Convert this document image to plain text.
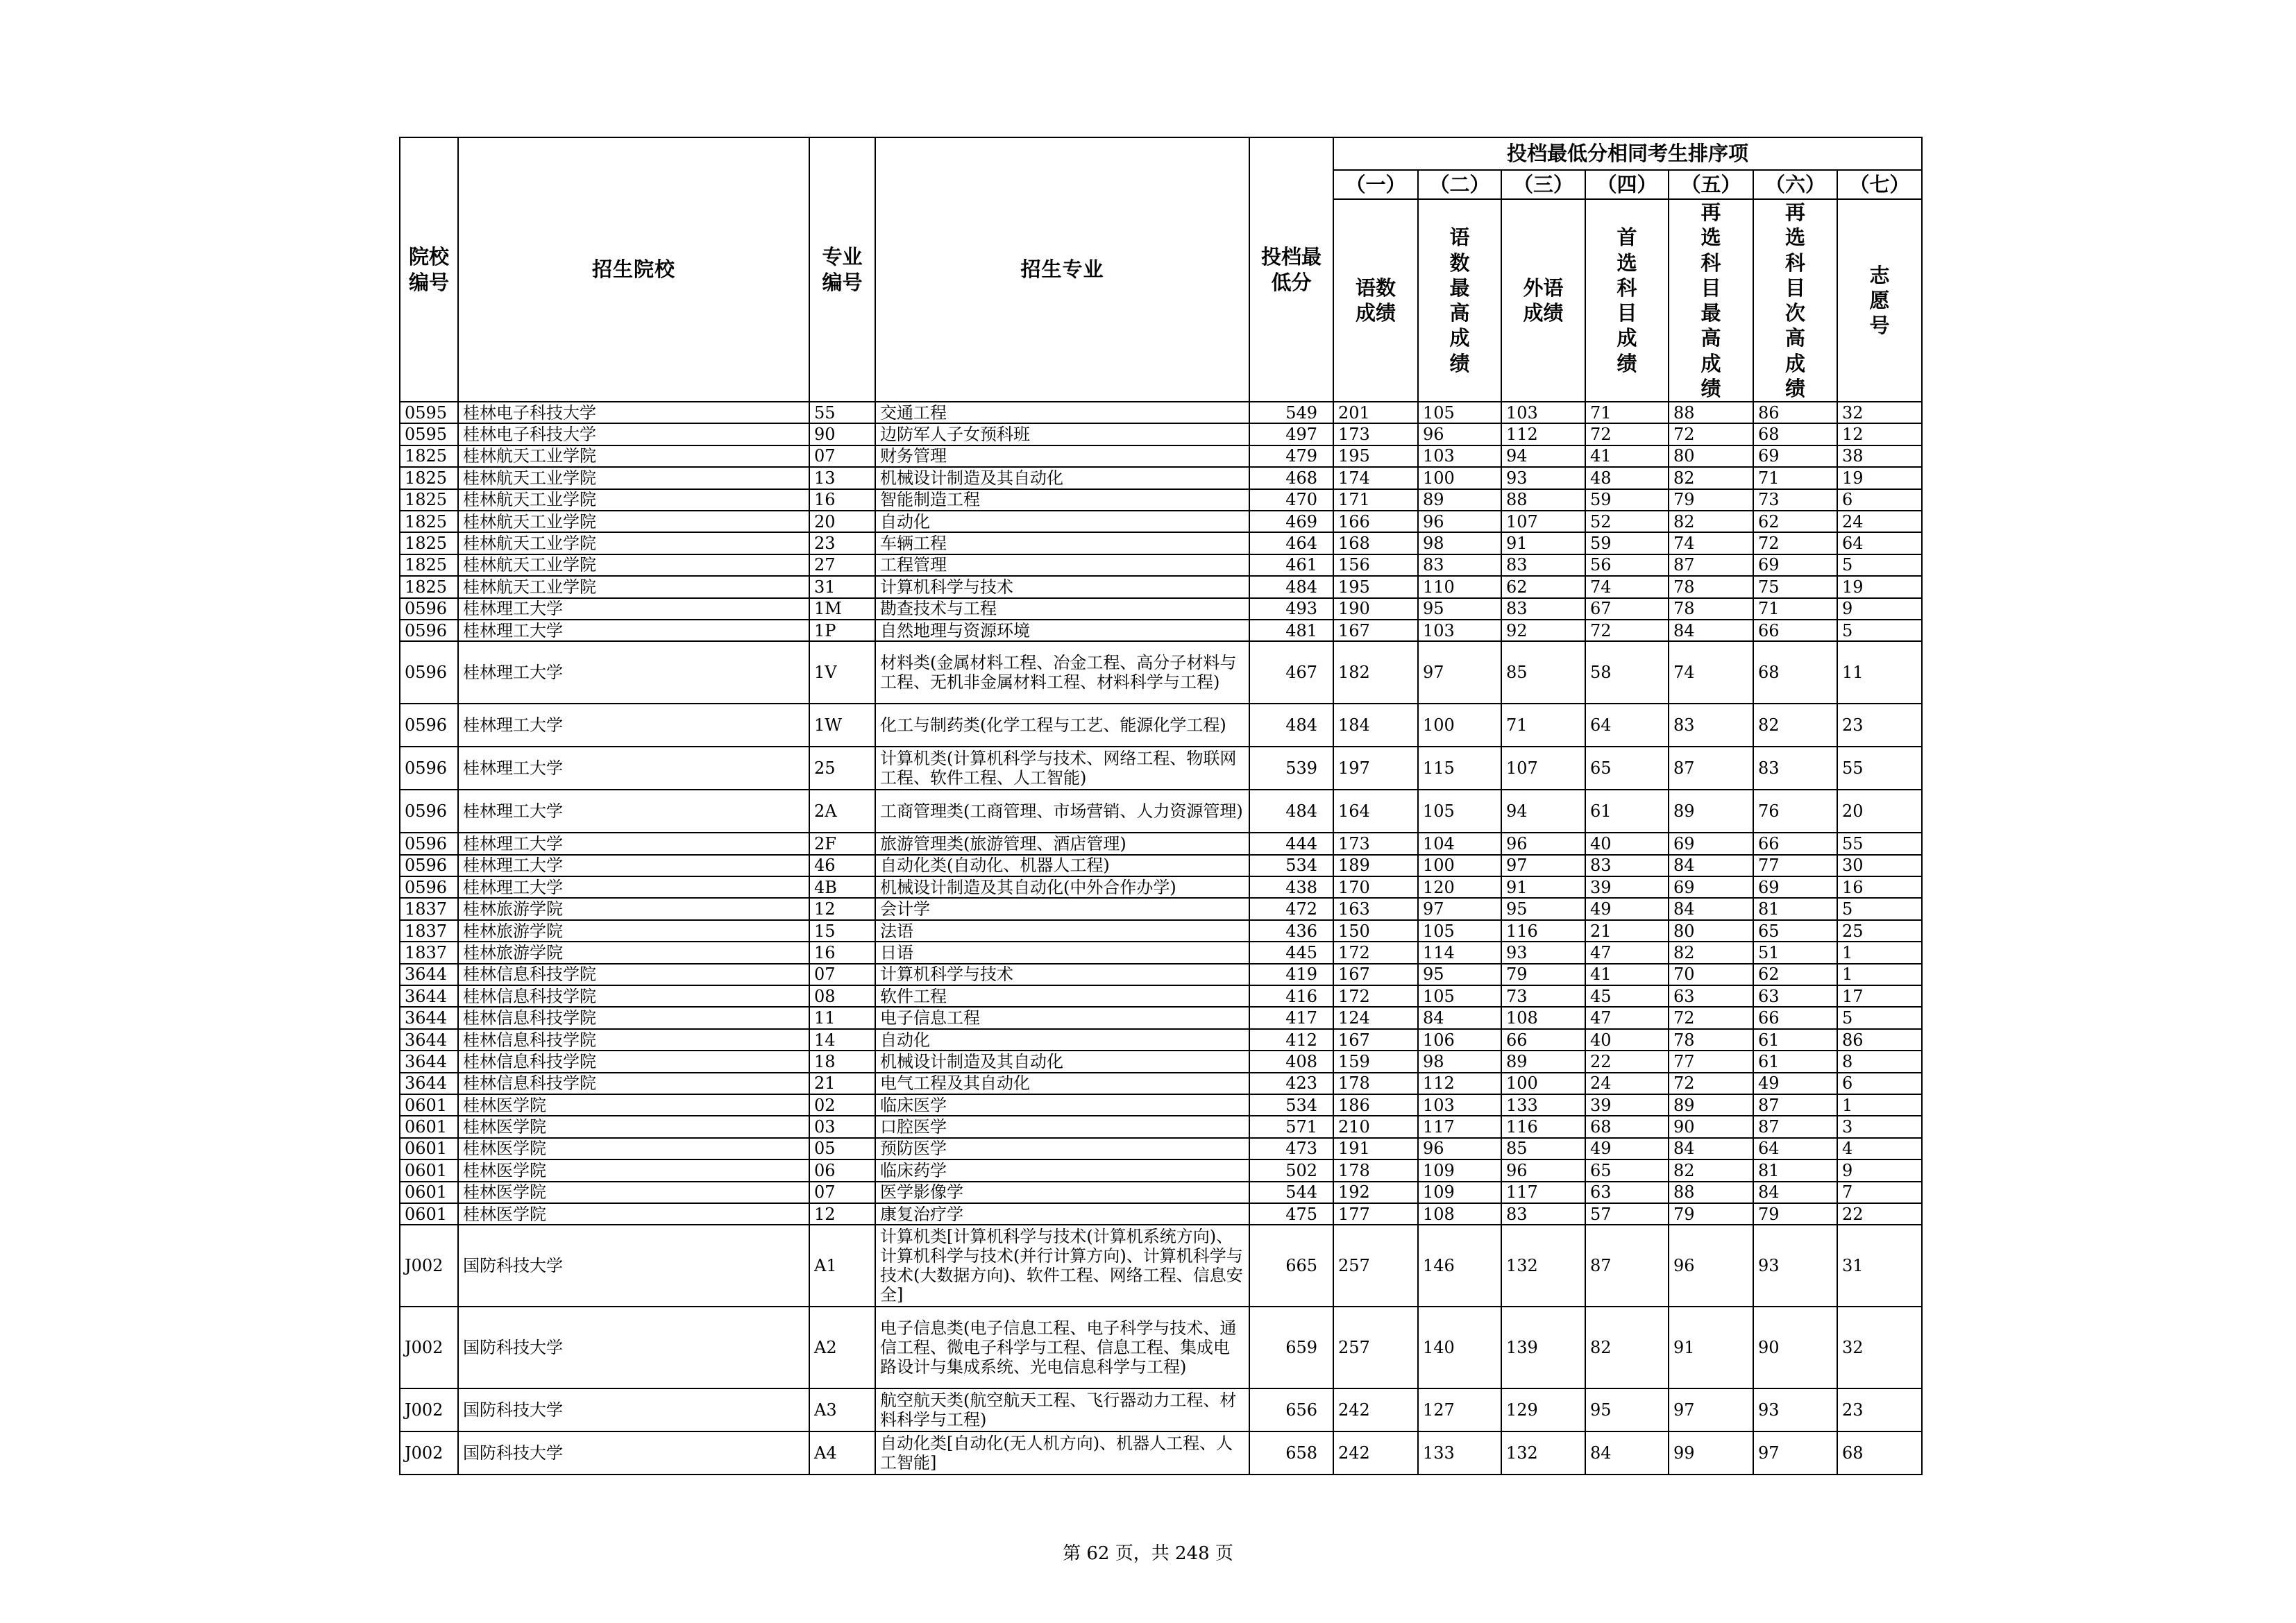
院校编号	招生院校	专业编号	招生专业	投档最低分	投档最低分相同考生排序项						
					（一）	（二）	（三）	（四）	（五）	（六）	（七）
					语数成绩	语数最高成绩	外语成绩	首选科目成绩	再选科目最高成绩	再选科目次高成绩	志愿号
0595	桂林电子科技大学	55	交通工程	549	201	105	103	71	88	86	32
0595	桂林电子科技大学	90	边防军人子女预科班	497	173	96	112	72	72	68	12
1825	桂林航天工业学院	07	财务管理	479	195	103	94	41	80	69	38
1825	桂林航天工业学院	13	机械设计制造及其自动化	468	174	100	93	48	82	71	19
1825	桂林航天工业学院	16	智能制造工程	470	171	89	88	59	79	73	6
1825	桂林航天工业学院	20	自动化	469	166	96	107	52	82	62	24
1825	桂林航天工业学院	23	车辆工程	464	168	98	91	59	74	72	64
1825	桂林航天工业学院	27	工程管理	461	156	83	83	56	87	69	5
1825	桂林航天工业学院	31	计算机科学与技术	484	195	110	62	74	78	75	19
0596	桂林理工大学	1M	勘查技术与工程	493	190	95	83	67	78	71	9
0596	桂林理工大学	1P	自然地理与资源环境	481	167	103	92	72	84	66	5
0596	桂林理工大学	1V	材料类(金属材料工程、冶金工程、高分子材料与工程、无机非金属材料工程、材料科学与工程)	467	182	97	85	58	74	68	11
0596	桂林理工大学	1W	化工与制药类(化学工程与工艺、能源化学工程)	484	184	100	71	64	83	82	23
0596	桂林理工大学	25	计算机类(计算机科学与技术、网络工程、物联网工程、软件工程、人工智能)	539	197	115	107	65	87	83	55
0596	桂林理工大学	2A	工商管理类(工商管理、市场营销、人力资源管理)	484	164	105	94	61	89	76	20
0596	桂林理工大学	2F	旅游管理类(旅游管理、酒店管理)	444	173	104	96	40	69	66	55
0596	桂林理工大学	46	自动化类(自动化、机器人工程)	534	189	100	97	83	84	77	30
0596	桂林理工大学	4B	机械设计制造及其自动化(中外合作办学)	438	170	120	91	39	69	69	16
1837	桂林旅游学院	12	会计学	472	163	97	95	49	84	81	5
1837	桂林旅游学院	15	法语	436	150	105	116	21	80	65	25
1837	桂林旅游学院	16	日语	445	172	114	93	47	82	51	1
3644	桂林信息科技学院	07	计算机科学与技术	419	167	95	79	41	70	62	1
3644	桂林信息科技学院	08	软件工程	416	172	105	73	45	63	63	17
3644	桂林信息科技学院	11	电子信息工程	417	124	84	108	47	72	66	5
3644	桂林信息科技学院	14	自动化	412	167	106	66	40	78	61	86
3644	桂林信息科技学院	18	机械设计制造及其自动化	408	159	98	89	22	77	61	8
3644	桂林信息科技学院	21	电气工程及其自动化	423	178	112	100	24	72	49	6
0601	桂林医学院	02	临床医学	534	186	103	133	39	89	87	1
0601	桂林医学院	03	口腔医学	571	210	117	116	68	90	87	3
0601	桂林医学院	05	预防医学	473	191	96	85	49	84	64	4
0601	桂林医学院	06	临床药学	502	178	109	96	65	82	81	9
0601	桂林医学院	07	医学影像学	544	192	109	117	63	88	84	7
0601	桂林医学院	12	康复治疗学	475	177	108	83	57	79	79	22
J002	国防科技大学	A1	计算机类[计算机科学与技术(计算机系统方向)、计算机科学与技术(并行计算方向)、计算机科学与技术(大数据方向)、软件工程、网络工程、信息安全]	665	257	146	132	87	96	93	31
J002	国防科技大学	A2	电子信息类(电子信息工程、电子科学与技术、通信工程、微电子科学与工程、信息工程、集成电路设计与集成系统、光电信息科学与工程)	659	257	140	139	82	91	90	32
J002	国防科技大学	A3	航空航天类(航空航天工程、飞行器动力工程、材料科学与工程)	656	242	127	129	95	97	93	23
J002	国防科技大学	A4	自动化类[自动化(无人机方向)、机器人工程、人工智能]	658	242	133	132	84	99	97	68
第 62 页，共 248 页
